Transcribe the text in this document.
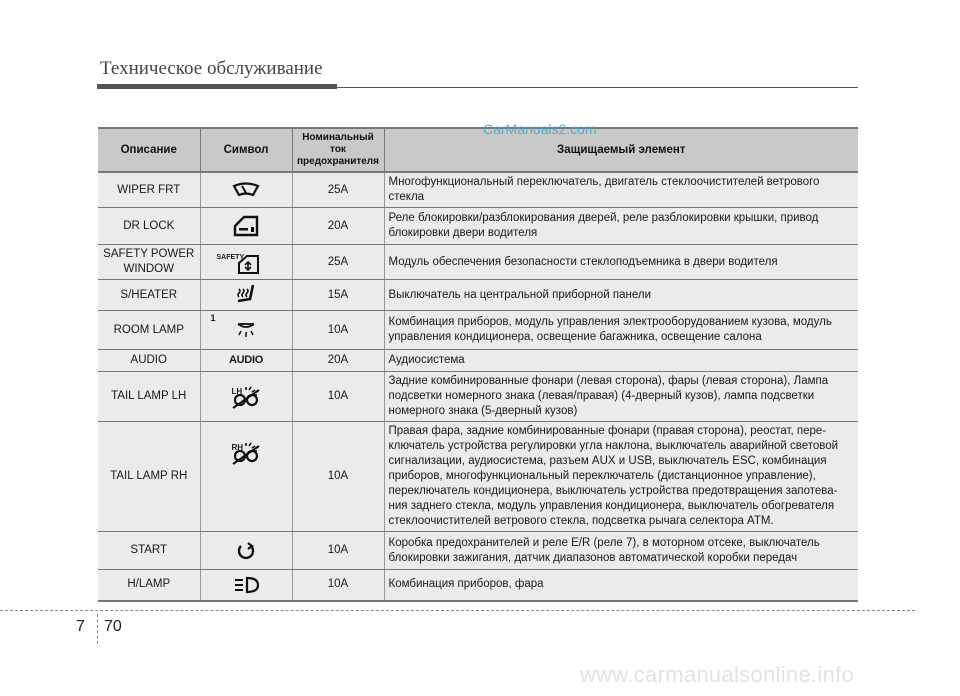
Техническое обслуживание
Описание	Символ	Номинальный ток предохранителя	Защищаемый элемент
WIPER FRT		25A	Многофункциональный переключатель, двигатель стеклоочистителей ветрового стекла
DR LOCK		20A	Реле блокировки/разблокирования дверей, реле разблокировки крышки, привод блокировки двери водителя
SAFETY POWER WINDOW	SAFETY	25A	Модуль обеспечения безопасности стеклоподъемника в двери водителя
S/HEATER		15A	Выключатель на центральной приборной панели
ROOM LAMP	1	10A	Комбинация приборов, модуль управления электрооборудованием кузова, модуль управления кондиционера, освещение багажника, освещение салона
AUDIO	AUDIO	20A	Аудиосистема
TAIL LAMP LH	LH	10A	Задние комбинированные фонари (левая сторона), фары (левая сторона), Лампа подсветки номерного знака (левая/правая) (4-дверный кузов), лампа подсветки номерного знака (5-дверный кузов)
TAIL LAMP RH	RH	10A	Правая фара, задние комбинированные фонари (правая сторона), реостат, пере-ключатель устройства регулировки угла наклона, выключатель аварийной световой сигнализации, аудиосистема, разъем AUX и USB, выключатель ESC, комбинация приборов, многофункциональный переключатель (дистанционное управление), переключатель кондиционера, выключатель устройства предотвращения запотева-ния заднего стекла, модуль управления кондиционера, выключатель обогревателя стеклоочистителей ветрового стекла, подсветка рычага селектора АТМ.
START		10A	Коробка предохранителей и реле E/R (реле 7), в моторном отсеке, выключатель блокировки зажигания, датчик диапазонов автоматической коробки передач
H/LAMP		10A	Комбинация приборов, фара
CarManuals2.com
7 70
www.carmanualsonline.info
